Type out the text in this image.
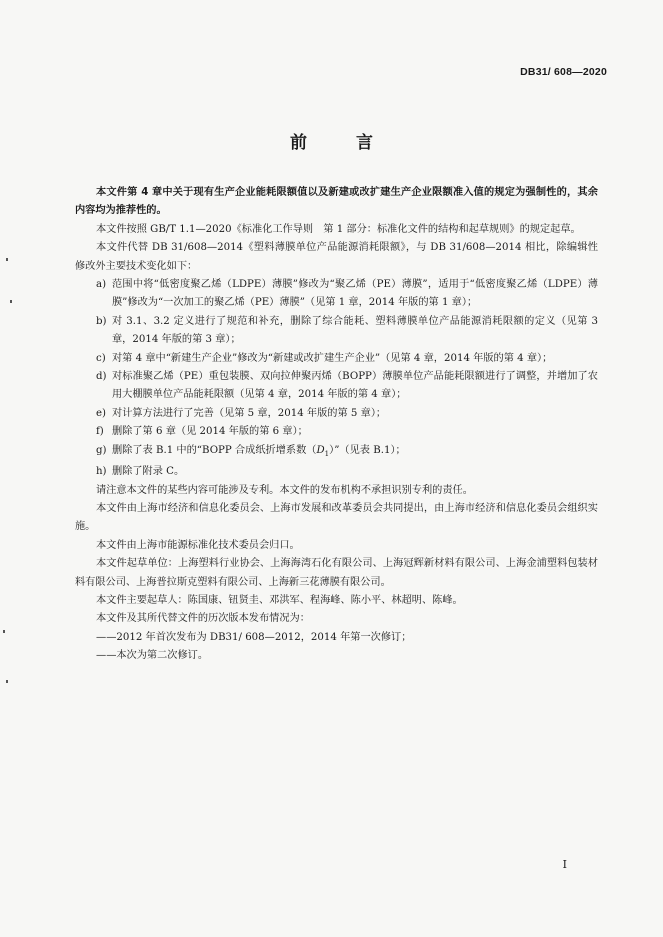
DB31/ 608—2020
前　言

本文件第 4 章中关于现有生产企业能耗限额值以及新建或改扩建生产企业限额准入值的规定为强制性的，其余内容均为推荐性的。

本文件按照 GB/T 1.1—2020《标准化工作导则　第 1 部分：标准化文件的结构和起草规则》的规定起草。

本文件代替 DB 31/608—2014《塑料薄膜单位产品能源消耗限额》，与 DB 31/608—2014 相比，除编辑性修改外主要技术变化如下：

a) 范围中将“低密度聚乙烯（LDPE）薄膜”修改为“聚乙烯（PE）薄膜”，适用于“低密度聚乙烯（LDPE）薄膜”修改为“一次加工的聚乙烯（PE）薄膜”（见第 1 章，2014 年版的第 1 章）；
b) 对 3.1、3.2 定义进行了规范和补充，删除了综合能耗、塑料薄膜单位产品能源消耗限额的定义（见第 3 章，2014 年版的第 3 章）；
c) 对第 4 章中“新建生产企业”修改为“新建或改扩建生产企业”（见第 4 章，2014 年版的第 4 章）；
d) 对标准聚乙烯（PE）重包装膜、双向拉伸聚丙烯（BOPP）薄膜单位产品能耗限额进行了调整，并增加了农用大棚膜单位产品能耗限额（见第 4 章，2014 年版的第 4 章）；
e) 对计算方法进行了完善（见第 5 章，2014 年版的第 5 章）；
f) 删除了第 6 章（见 2014 年版的第 6 章）；
g) 删除了表 B.1 中的“BOPP 合成纸折增系数$(D_1)$”（见表 B.1）；
h) 删除了附录 C。

请注意本文件的某些内容可能涉及专利。本文件的发布机构不承担识别专利的责任。

本文件由上海市经济和信息化委员会、上海市发展和改革委员会共同提出，由上海市经济和信息化委员会组织实施。

本文件由上海市能源标准化技术委员会归口。

本文件起草单位：上海塑料行业协会、上海海湾石化有限公司、上海冠辉新材料有限公司、上海金浦塑料包装材料有限公司、上海普拉斯克塑料有限公司、上海新三花薄膜有限公司。

本文件主要起草人：陈国康、钮贤圭、邓洪军、程海峰、陈小平、林超明、陈峰。

本文件及其所代替文件的历次版本发布情况为：

——2012 年首次发布为 DB31/ 608—2012，2014 年第一次修订；

——本次为第二次修订。

I
